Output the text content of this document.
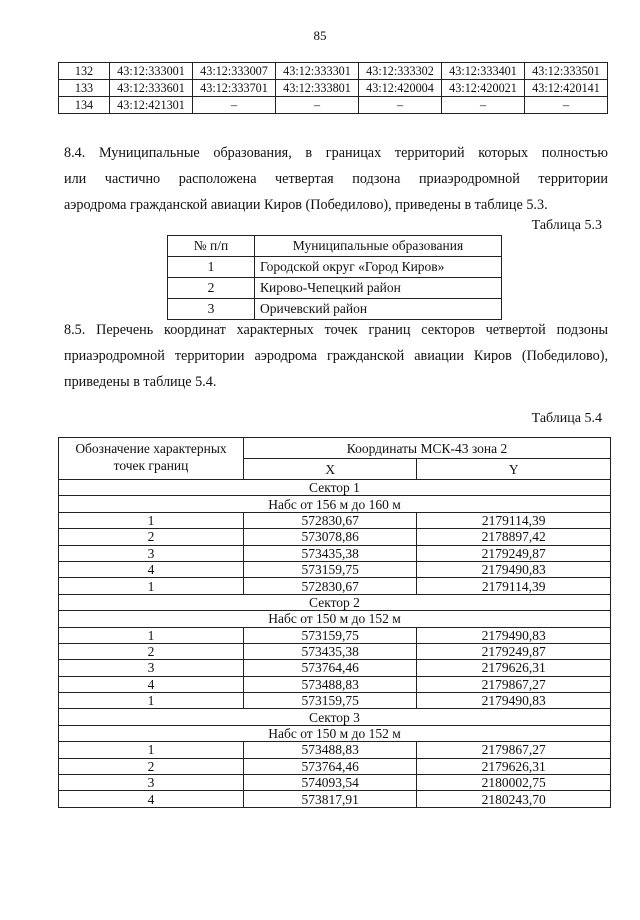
85
132	43:12:333001	43:12:333007	43:12:333301	43:12:333302	43:12:333401	43:12:333501
133	43:12:333601	43:12:333701	43:12:333801	43:12:420004	43:12:420021	43:12:420141
134	43:12:421301	–	–	–	–	–
8.4. Муниципальные образования, в границах территорий которых полностью
или частично расположена четвертая подзона приаэродромной территории
аэродрома гражданской авиации Киров (Победилово), приведены в таблице 5.3.
Таблица 5.3
№ п/п	Муниципальные образования
1	Городской округ «Город Киров»
2	Кирово-Чепецкий район
3	Оричевский район
8.5. Перечень координат характерных точек границ секторов четвертой подзоны
приаэродромной территории аэродрома гражданской авиации Киров (Победилово),
приведены в таблице 5.4.
Таблица 5.4
Обозначение характерных точек границ	Координаты МСК-43 зона 2	
	X	Y
Сектор 1		
Набс от 156 м до 160 м		
1	572830,67	2179114,39
2	573078,86	2178897,42
3	573435,38	2179249,87
4	573159,75	2179490,83
1	572830,67	2179114,39
Сектор 2		
Набс от 150 м до 152 м		
1	573159,75	2179490,83
2	573435,38	2179249,87
3	573764,46	2179626,31
4	573488,83	2179867,27
1	573159,75	2179490,83
Сектор 3		
Набс от 150 м до 152 м		
1	573488,83	2179867,27
2	573764,46	2179626,31
3	574093,54	2180002,75
4	573817,91	2180243,70
